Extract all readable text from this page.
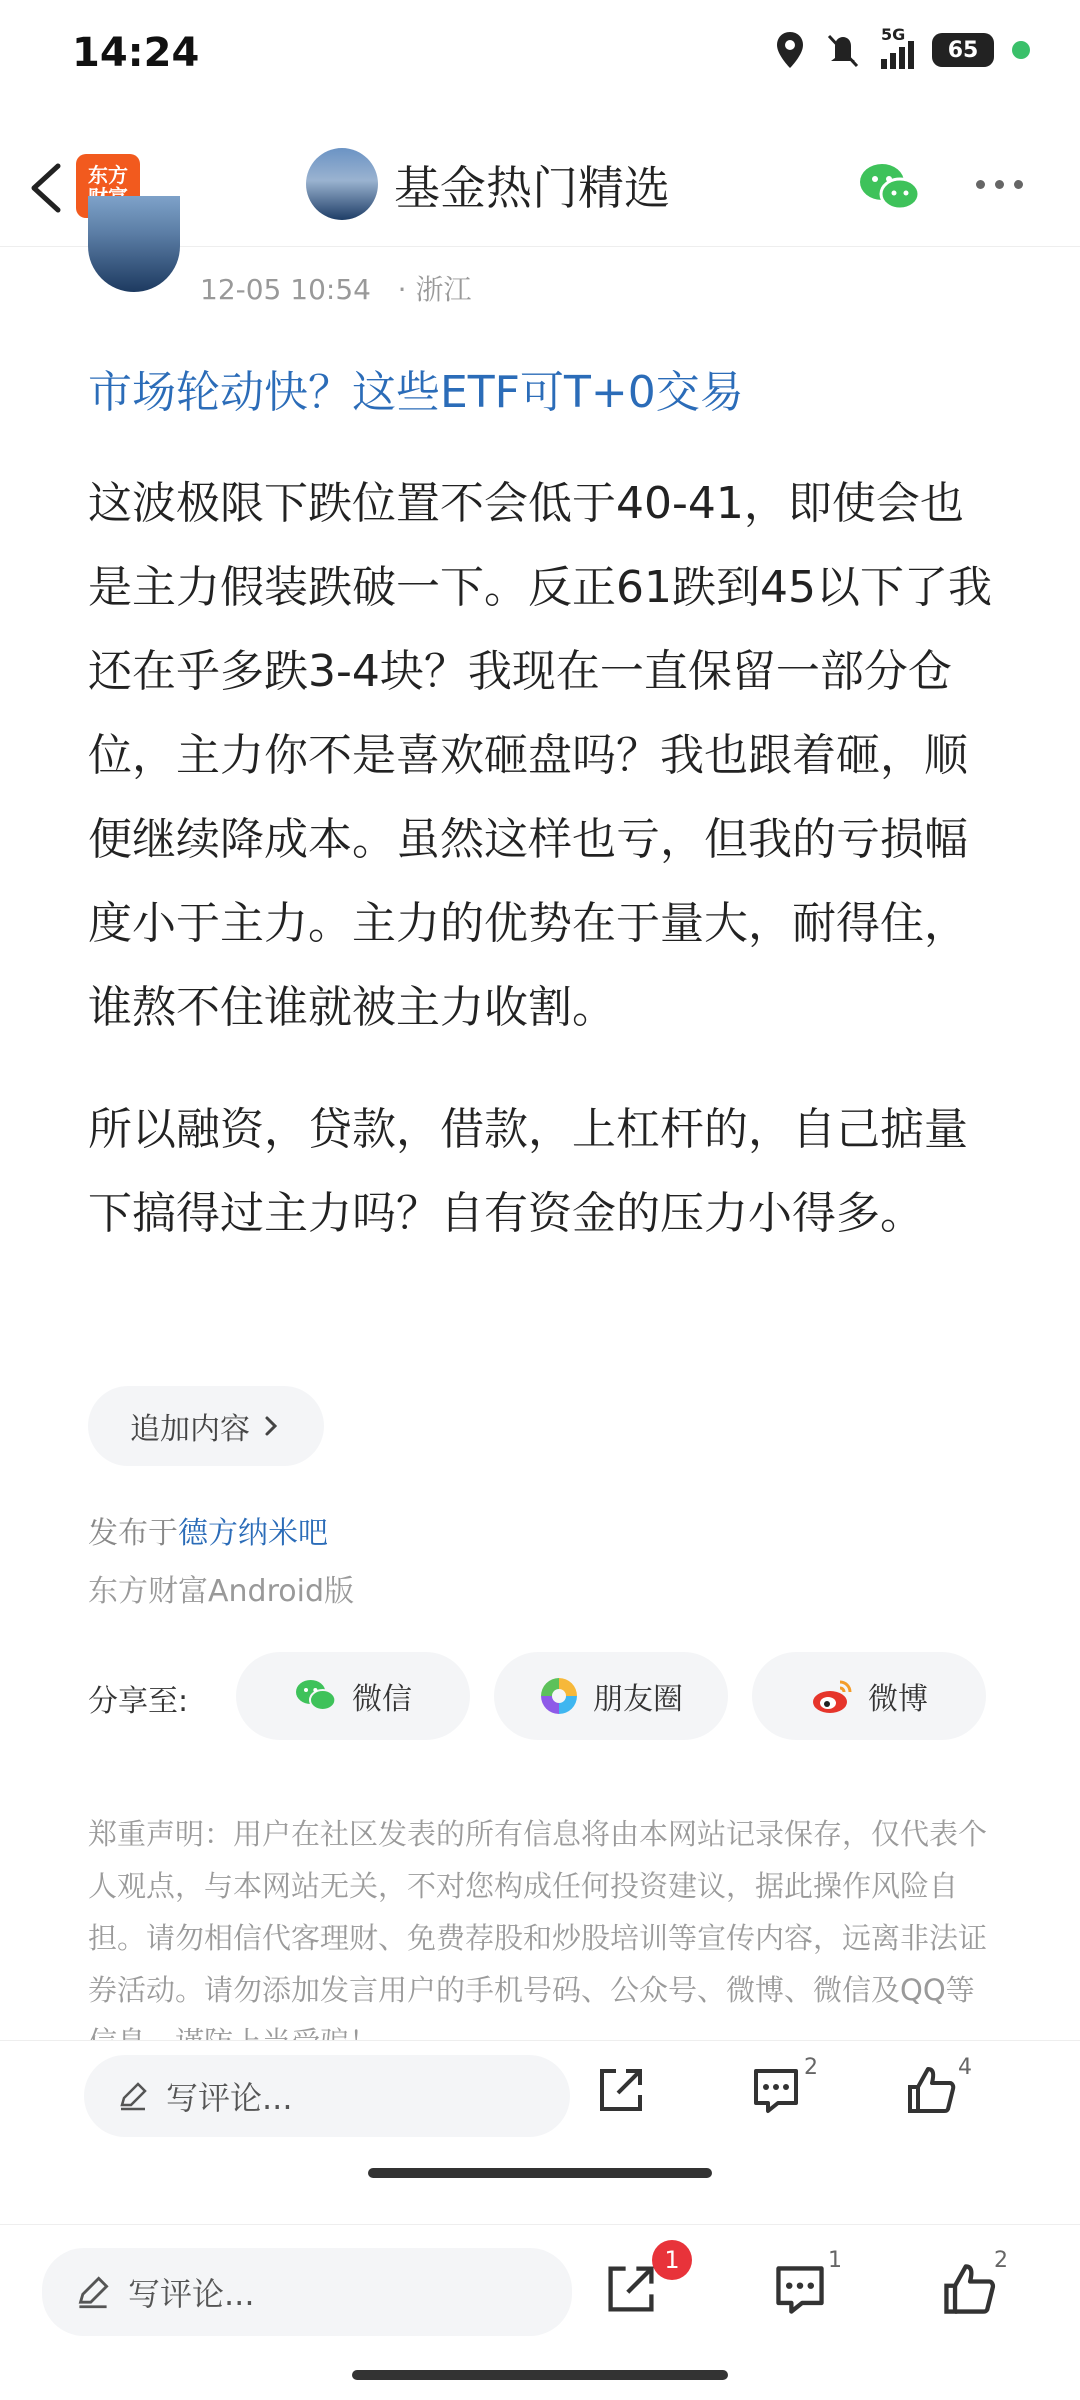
14:24	5G
65
东方	基金热门精选
12-05 10:54 · 浙江
市场轮动快？这些ETF可T+0交易

这波极限下跌位置不会低于40-41，即使会也是主力假装跌破一下。反正61跌到45以下了我还在乎多跌3-4块？我现在一直保留一部分仓位，主力你不是喜欢砸盘吗？我也跟着砸，顺便继续降成本。虽然这样也亏，但我的亏损幅度小于主力。主力的优势在于量大，耐得住，谁熬不住谁就被主力收割。

所以融资，贷款，借款，上杠杆的，自己掂量下搞得过主力吗？自有资金的压力小得多。

追加内容
发布于德方纳米吧
东方财富Android版
分享至:	微信	朋友圈	微博
郑重声明：用户在社区发表的所有信息将由本网站记录保存，仅代表个人观点，与本网站无关，不对您构成任何投资建议，据此操作风险自担。请勿相信代客理财、免费荐股和炒股培训等宣传内容，远离非法证券活动。请勿添加发言用户的手机号码、公众号、微博、微信及QQ等
写评论...
2	4
写评论...
1	1	2
